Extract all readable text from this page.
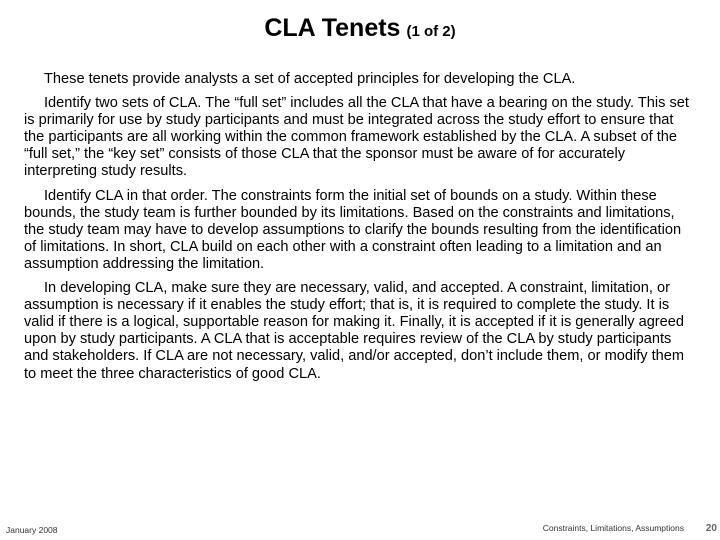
CLA Tenets (1 of 2)

These tenets provide analysts a set of accepted principles for developing the CLA.

Identify two sets of CLA. The “full set” includes all the CLA that have a bearing on the study. This set is primarily for use by study participants and must be integrated across the study effort to ensure that the participants are all working within the common framework established by the CLA. A subset of the “full set,” the “key set” consists of those CLA that the sponsor must be aware of for accurately interpreting study results.

Identify CLA in that order. The constraints form the initial set of bounds on a study. Within these bounds, the study team is further bounded by its limitations. Based on the constraints and limitations, the study team may have to develop assumptions to clarify the bounds resulting from the identification of limitations. In short, CLA build on each other with a constraint often leading to a limitation and an assumption addressing the limitation.

In developing CLA, make sure they are necessary, valid, and accepted. A constraint, limitation, or assumption is necessary if it enables the study effort; that is, it is required to complete the study. It is valid if there is a logical, supportable reason for making it. Finally, it is accepted if it is generally agreed upon by study participants. A CLA that is acceptable requires review of the CLA by study participants and stakeholders. If CLA are not necessary, valid, and/or accepted, don’t include them, or modify them to meet the three characteristics of good CLA.

January 2008	Constraints, Limitations, Assumptions 20
